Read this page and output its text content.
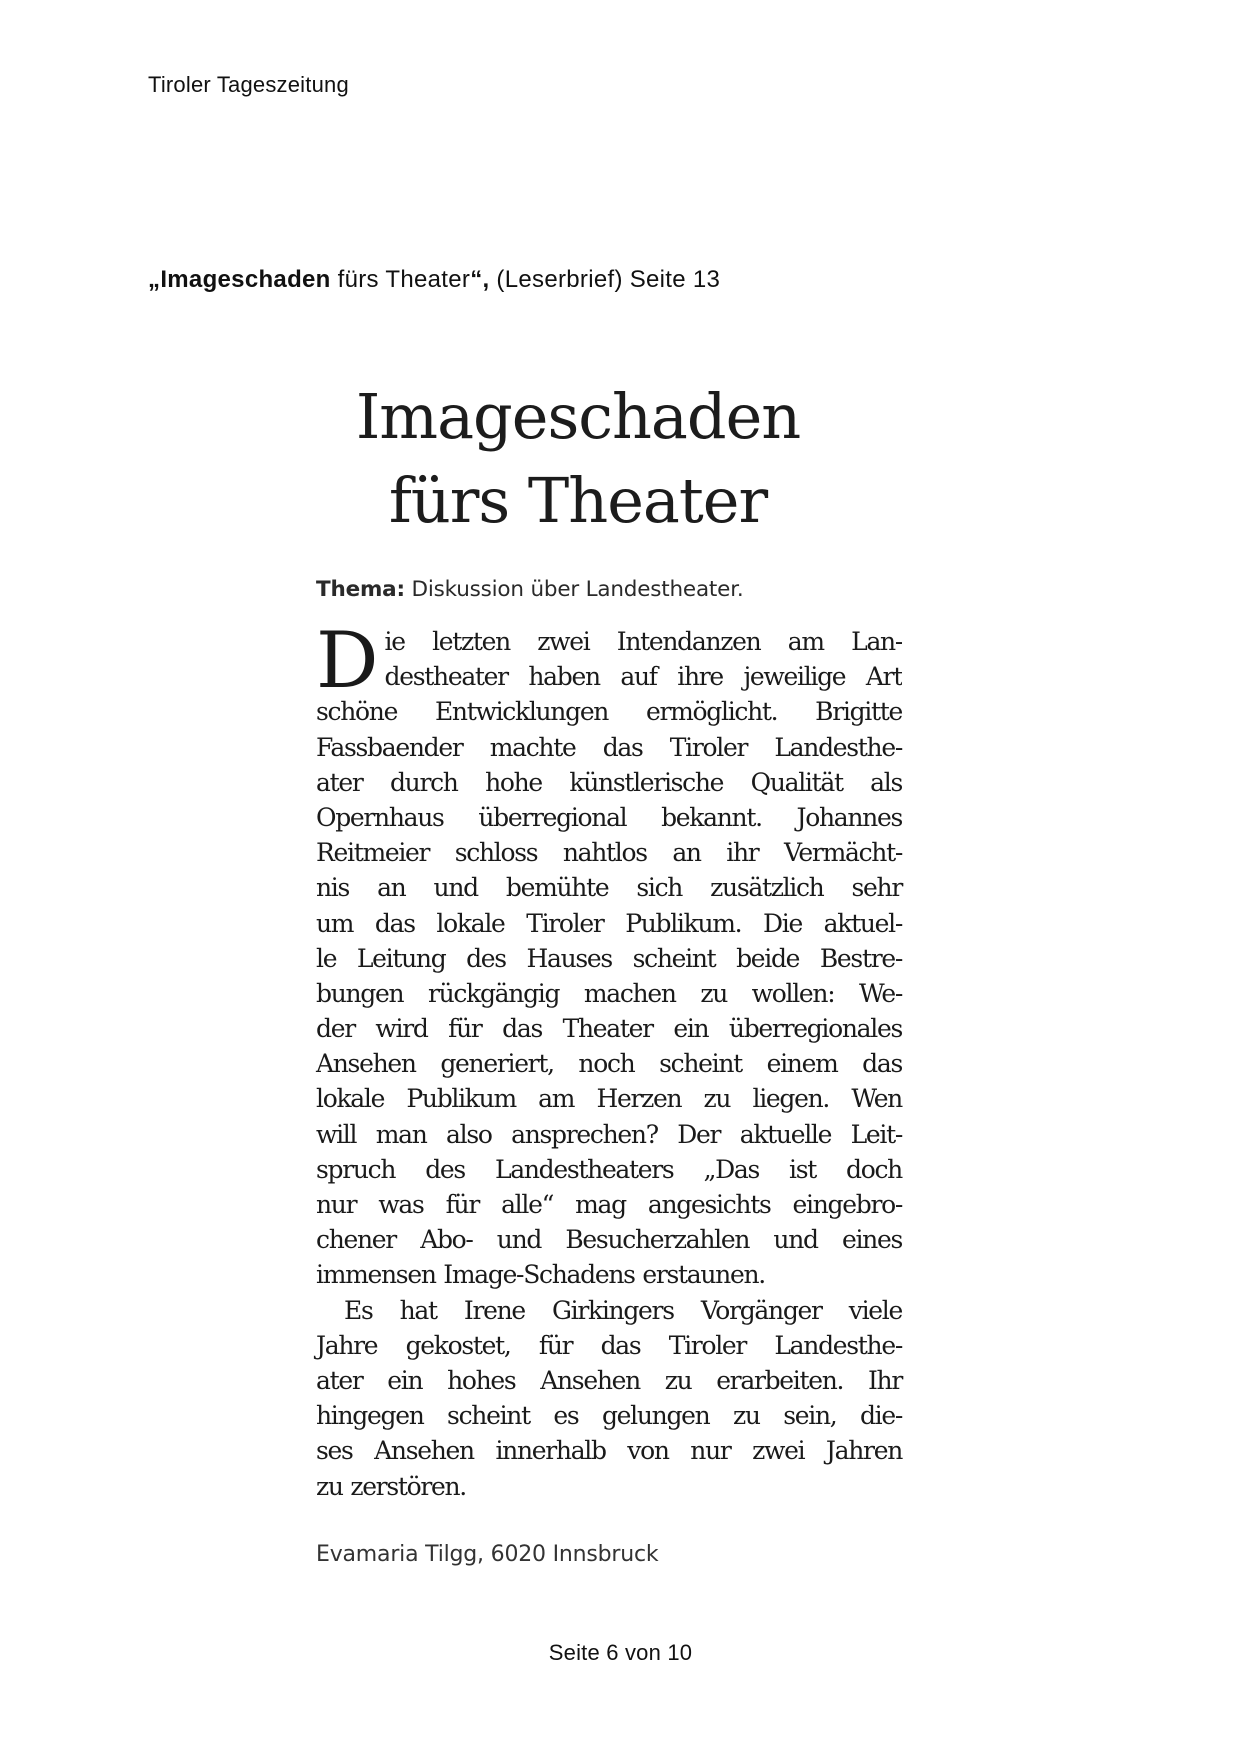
Tiroler Tageszeitung
„Imageschaden fürs Theater“, (Leserbrief) Seite 13
Imageschaden
fürs Theater
Thema: Diskussion über Landestheater.
D ie letzten zwei Intendanzen am Lan-
destheater haben auf ihre jeweilige Art
schöne Entwicklungen ermöglicht. Brigitte
Fassbaender machte das Tiroler Landesthe-
ater durch hohe künstlerische Qualität als
Opernhaus überregional bekannt. Johannes
Reitmeier schloss nahtlos an ihr Vermächt-
nis an und bemühte sich zusätzlich sehr
um das lokale Tiroler Publikum. Die aktuel-
le Leitung des Hauses scheint beide Bestre-
bungen rückgängig machen zu wollen: We-
der wird für das Theater ein überregionales
Ansehen generiert, noch scheint einem das
lokale Publikum am Herzen zu liegen. Wen
will man also ansprechen? Der aktuelle Leit-
spruch des Landestheaters „Das ist doch
nur was für alle“ mag angesichts eingebro-
chener Abo- und Besucherzahlen und eines
immensen Image-Schadens erstaunen.
Es hat Irene Girkingers Vorgänger viele
Jahre gekostet, für das Tiroler Landesthe-
ater ein hohes Ansehen zu erarbeiten. Ihr
hingegen scheint es gelungen zu sein, die-
ses Ansehen innerhalb von nur zwei Jahren
zu zerstören.
Evamaria Tilgg, 6020 Innsbruck
Seite 6 von 10
